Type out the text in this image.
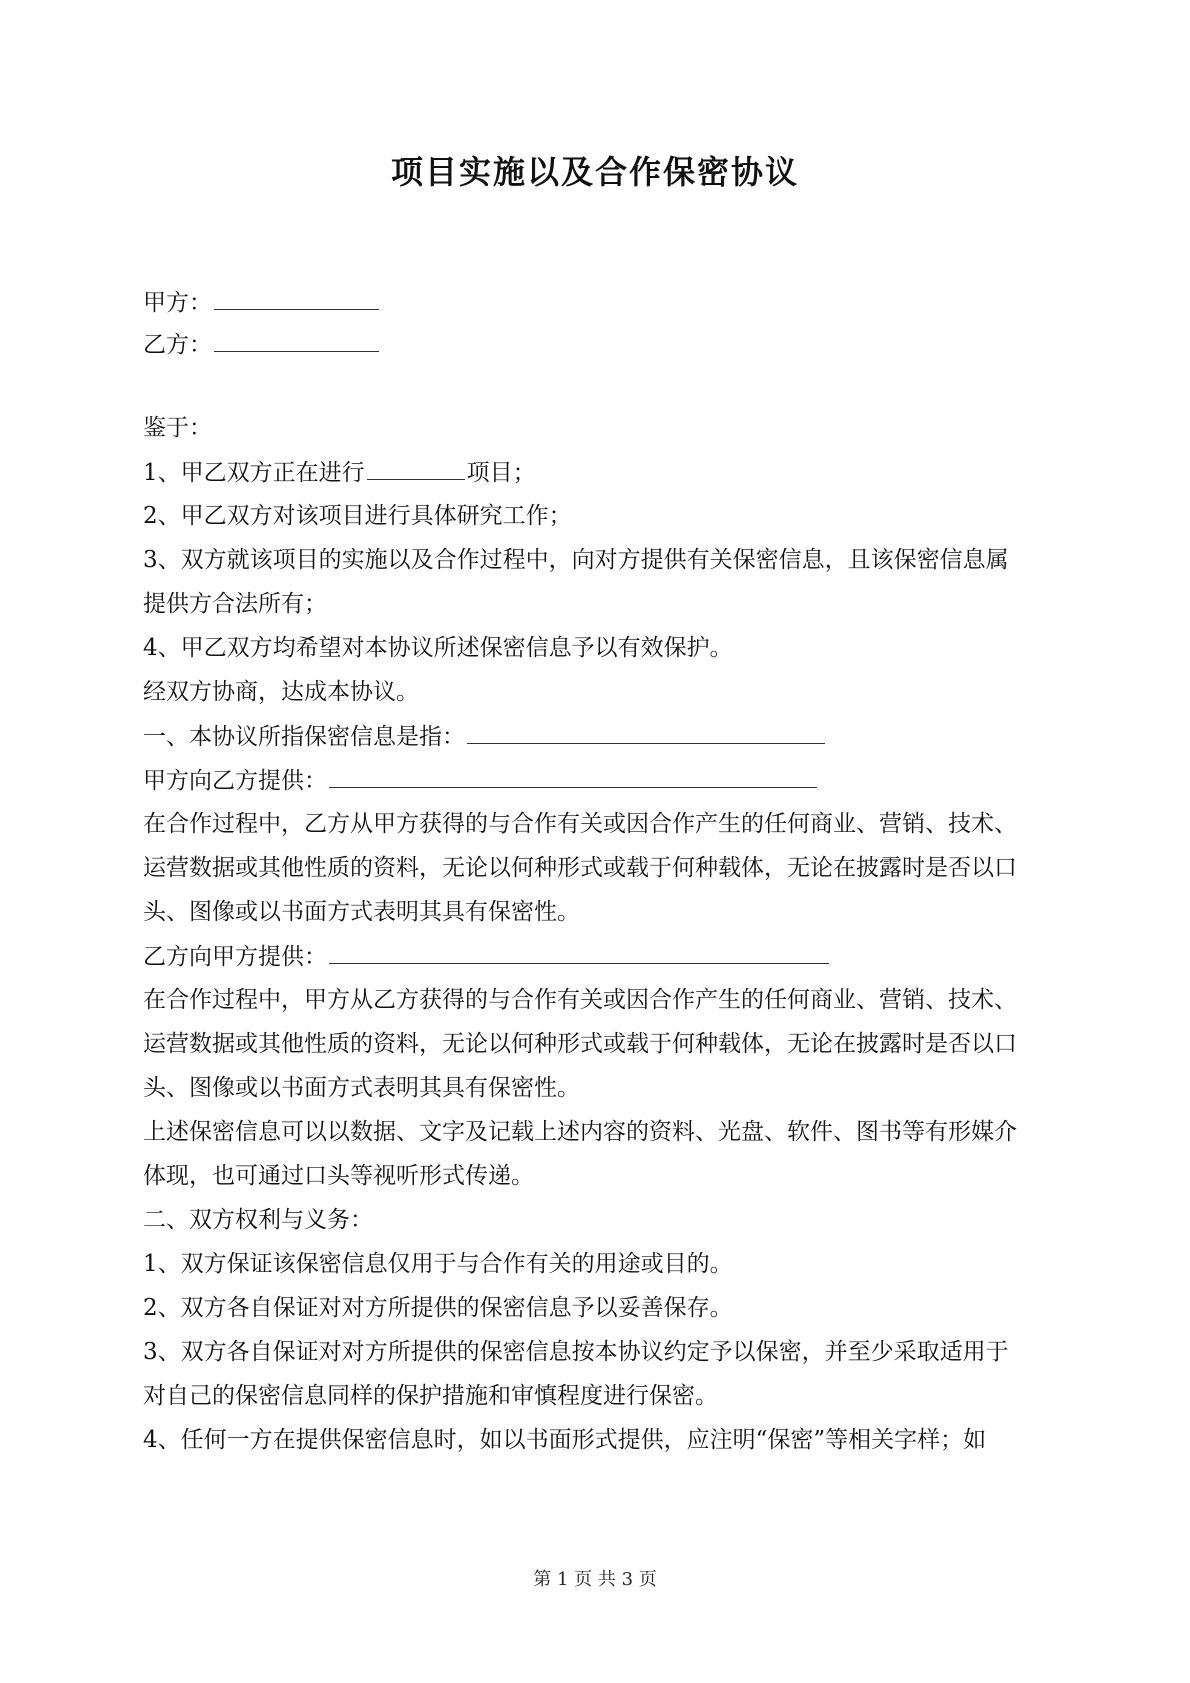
项目实施以及合作保密协议
甲方：
乙方：
鉴于：
1、甲乙双方正在进行	项目；
2、甲乙双方对该项目进行具体研究工作；
3、双方就该项目的实施以及合作过程中，向对方提供有关保密信息，且该保密信息属
提供方合法所有；
4、甲乙双方均希望对本协议所述保密信息予以有效保护。
经双方协商，达成本协议。
一、本协议所指保密信息是指：
甲方向乙方提供：
在合作过程中，乙方从甲方获得的与合作有关或因合作产生的任何商业、营销、技术、
运营数据或其他性质的资料，无论以何种形式或载于何种载体，无论在披露时是否以口
头、图像或以书面方式表明其具有保密性。
乙方向甲方提供：
在合作过程中，甲方从乙方获得的与合作有关或因合作产生的任何商业、营销、技术、
运营数据或其他性质的资料，无论以何种形式或载于何种载体，无论在披露时是否以口
头、图像或以书面方式表明其具有保密性。
上述保密信息可以以数据、文字及记载上述内容的资料、光盘、软件、图书等有形媒介
体现，也可通过口头等视听形式传递。
二、双方权利与义务：
1、双方保证该保密信息仅用于与合作有关的用途或目的。
2、双方各自保证对对方所提供的保密信息予以妥善保存。
3、双方各自保证对对方所提供的保密信息按本协议约定予以保密，并至少采取适用于
对自己的保密信息同样的保护措施和审慎程度进行保密。
4、任何一方在提供保密信息时，如以书面形式提供，应注明“保密”等相关字样；如
第 1 页 共 3 页
